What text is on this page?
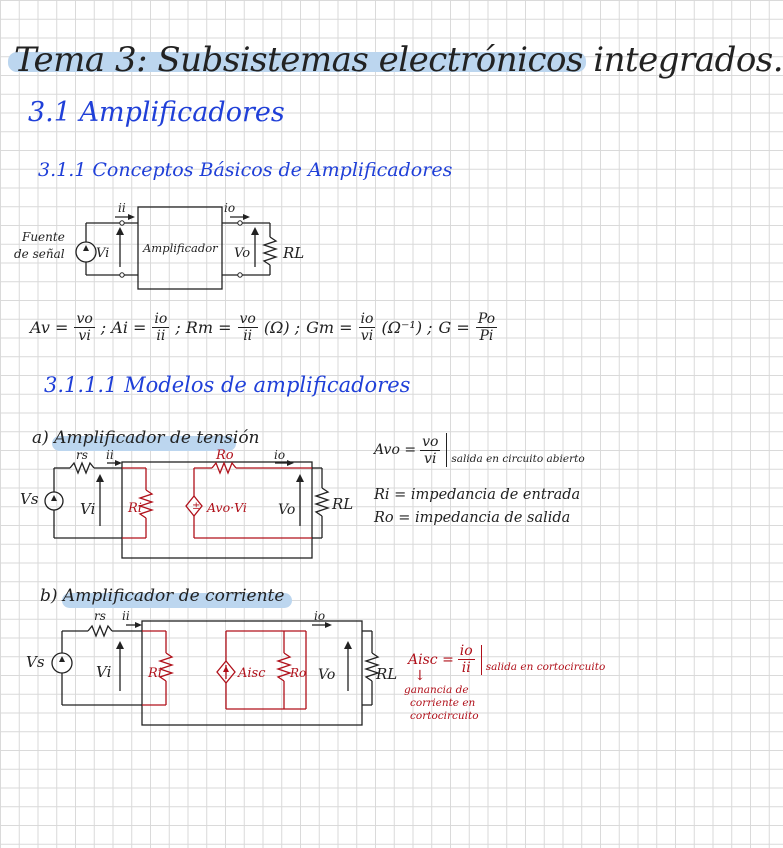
Tema 3: Subsistemas electrónicos integrados.
3.1 Amplificadores
3.1.1 Conceptos Básicos de Amplificadores
Fuente
de señal Vi
ii
Amplificador
io
Vo RL
$Av = \frac{vo}{vi}$ ; $Ai = \frac{io}{ii}$ ; $Rm = \frac{vo}{ii} (\Omega)$ ; $Gm = \frac{io}{vi} (\Omega^{-1})$ ; $G = \frac{Po}{Pi}$
3.1.1.1 Modelos de amplificadores
a) Amplificador de tensión
Vs
rs ii
Vi	Ri
Ro
Avo·Vi
io
Vo RL
±
Avo = $\frac{vo}{vi}$ salida en circuito abierto
Ri = impedancia de entrada
Ro = impedancia de salida
b) Amplificador de corriente
Vs
rs ii
Vi	Ri	Aisc Ro
io
Vo	RL
Aisc = $\frac{io}{ii}$ salida en cortocircuito
↓
ganancia de
corriente en
cortocircuito
